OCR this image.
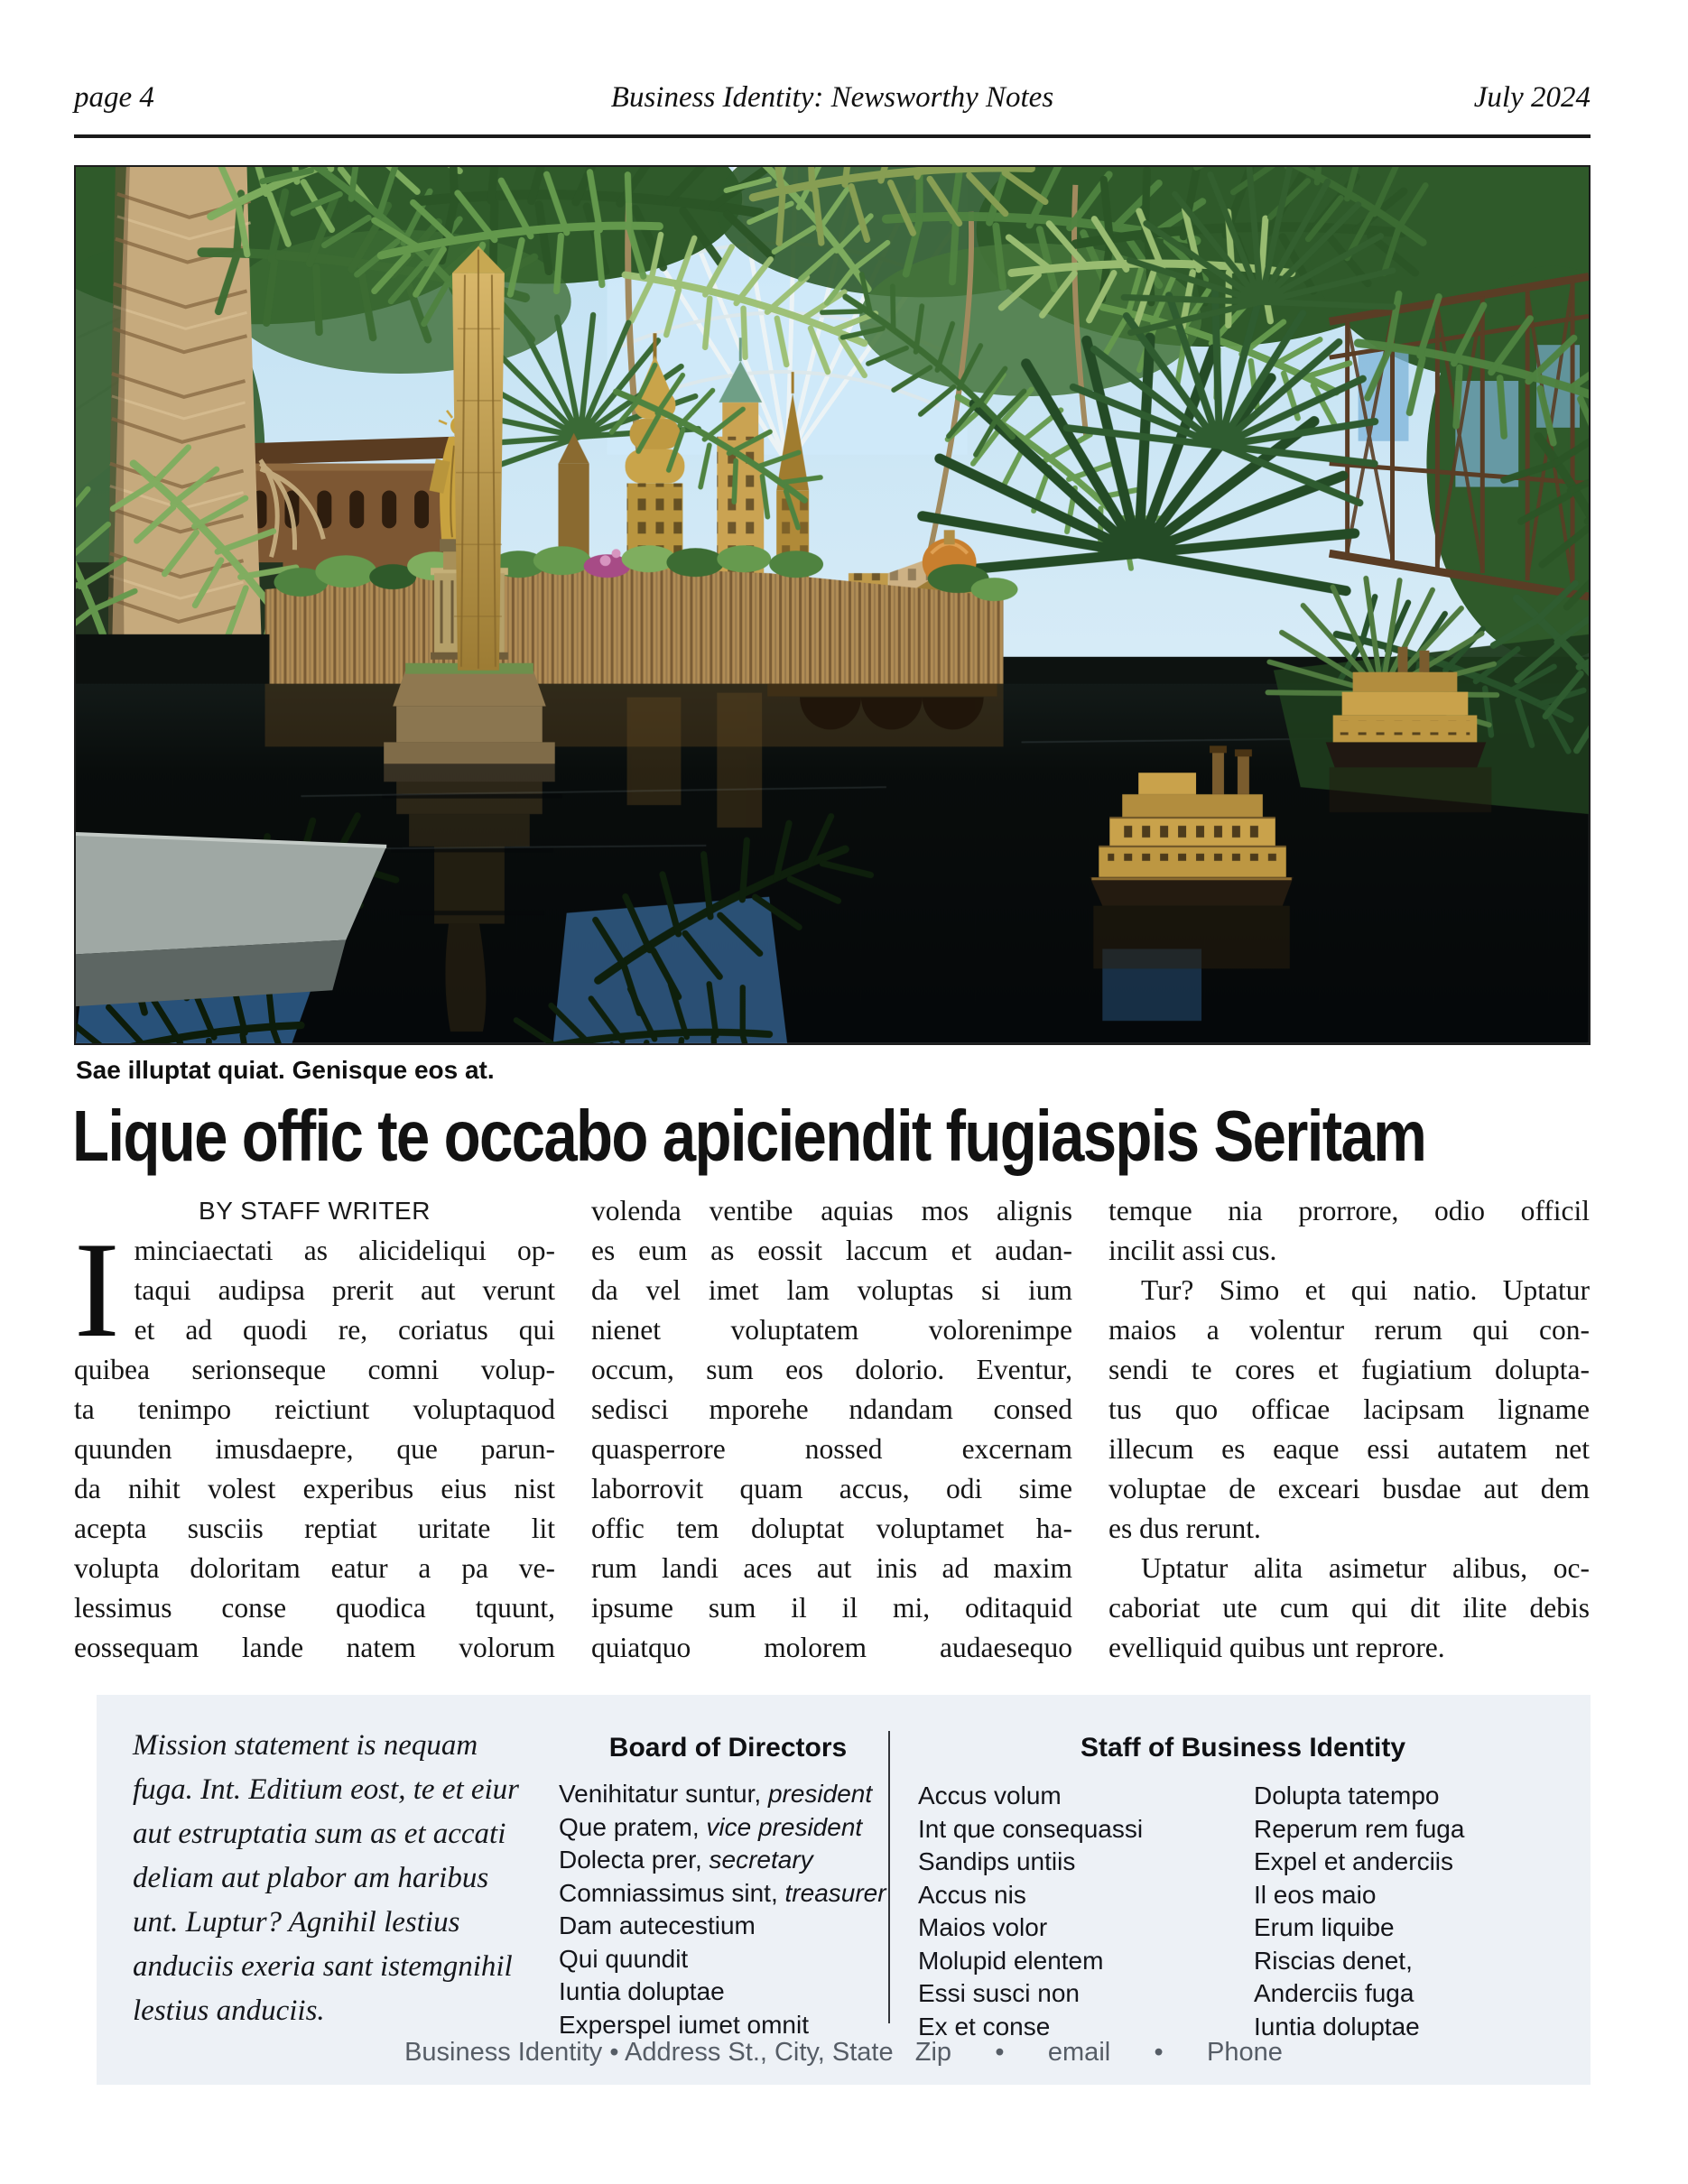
page 4	Business Identity: Newsworthy Notes	July 2024
Sae illuptat quiat. Genisque eos at.
Lique offic te occabo apiciendit fugiaspis Seritam
BY STAFF WRITER
I minciaectati as alicideliqui op-
taqui audipsa prerit aut verunt
et ad quodi re, coriatus qui
quibea serionseque comni volup-
ta tenimpo reictiunt voluptaquod
quunden imusdaepre, que parun-
da nihit volest experibus eius nist
acepta susciis reptiat uritate lit
volupta doloritam eatur a pa ve-
lessimus conse quodica tquunt,
eossequam lande natem volorum
volenda ventibe aquias mos alignis
es eum as eossit laccum et audan-
da vel imet lam voluptas si ium
nienet voluptatem volorenimpe
occum, sum eos dolorio. Eventur,
sedisci mporehe ndandam consed
quasperrore nossed excernam
laborrovit quam accus, odi sime
offic tem doluptat voluptamet ha-
rum landi aces aut inis ad maxim
ipsume sum il il mi, oditaquid
quiatquo molorem audaesequo
temque nia prorrore, odio officil
incilit assi cus.
Tur? Simo et qui natio. Uptatur
maios a volentur rerum qui con-
sendi te cores et fugiatium dolupta-
tus quo officae lacipsam ligname
illecum es eaque essi autatem net
voluptae de exceari busdae aut dem
es dus rerunt.
Uptatur alita asimetur alibus, oc-
caboriat ute cum qui dit ilite debis
evelliquid quibus unt reprore.
Mission statement is nequam fuga. Int. Editium eost, te et eiur aut estruptatia sum as et accati deliam aut plabor am haribus unt. Luptur? Agnihil lestius anduciis exeria sant istemgnihil lestius anduciis.
Board of Directors
Venihitatur suntur, president
Que pratem, vice president
Dolecta prer, secretary
Comniassimus sint, treasurer
Dam autecestium
Qui quundit
Iuntia doluptae
Experspel iumet omnit
Staff of Business Identity
Accus volum
Int que consequassi
Sandips untiis
Accus nis
Maios volor
Molupid elentem
Essi susci non
Ex et conse
Dolupta tatempo
Reperum rem fuga
Expel et anderciis
Il eos maio
Erum liquibe
Riscias denet,
Anderciis fuga
Iuntia doluptae
Business Identity • Address St., City, State   Zip      •      email      •      Phone
